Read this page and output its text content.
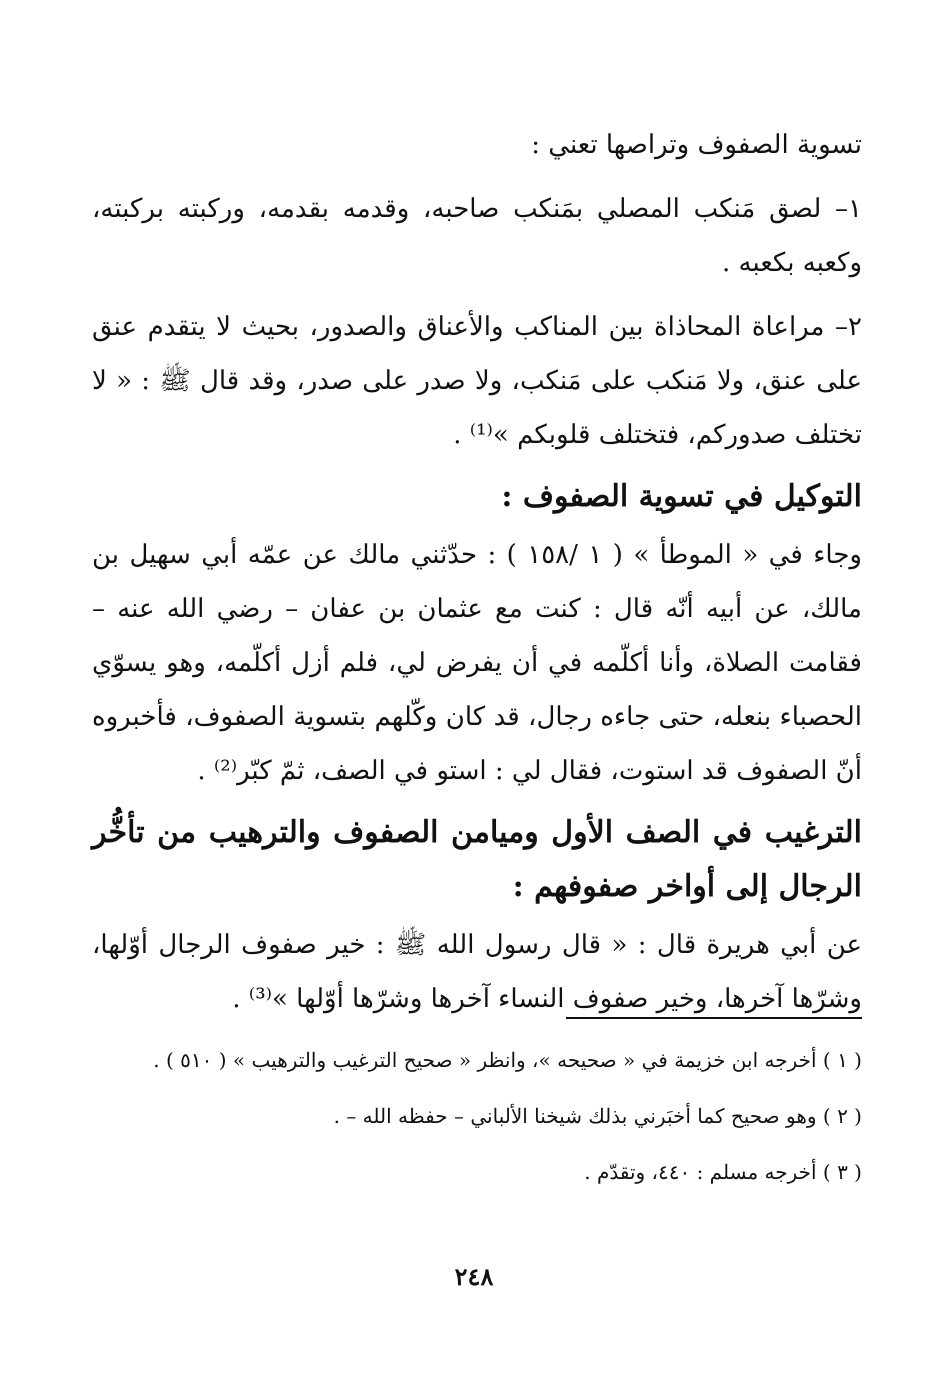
تسوية الصفوف وتراصها تعني :

١– لصق مَنكب المصلي بمَنكب صاحبه، وقدمه بقدمه، وركبته بركبته، وكعبه بكعبه .

٢– مراعاة المحاذاة بين المناكب والأعناق والصدور، بحيث لا يتقدم عنق على عنق، ولا مَنكب على مَنكب، ولا صدر على صدر، وقد قال ﷺ : « لا تختلف صدوركم، فتختلف قلوبكم »⁽¹⁾ .

التوكيل في تسوية الصفوف :

وجاء في « الموطأ » ( ١ /١٥٨ ) : حدّثني مالك عن عمّه أبي سهيل بن مالك، عن أبيه أنّه قال : كنت مع عثمان بن عفان – رضي الله عنه – فقامت الصلاة، وأنا أكلّمه في أن يفرض لي، فلم أزل أكلّمه، وهو يسوّي الحصباء بنعله، حتى جاءه رجال، قد كان وكّلهم بتسوية الصفوف، فأخبروه أنّ الصفوف قد استوت، فقال لي : استو في الصف، ثمّ كبّر⁽²⁾ .

الترغيب في الصف الأول وميامن الصفوف والترهيب من تأخُّر الرجال إلى أواخر صفوفهم :

عن أبي هريرة قال : « قال رسول الله ﷺ : خير صفوف الرجال أوّلها، وشرّها آخرها، وخير صفوف النساء آخرها وشرّها أوّلها »⁽³⁾ .

( ١ ) أخرجه ابن خزيمة في « صحيحه »، وانظر « صحيح الترغيب والترهيب » ( ٥١٠ ) .

( ٢ ) وهو صحيح كما أخبَرني بذلك شيخنا الألباني – حفظه الله – .

( ٣ ) أخرجه مسلم : ٤٤٠، وتقدّم .

٢٤٨
